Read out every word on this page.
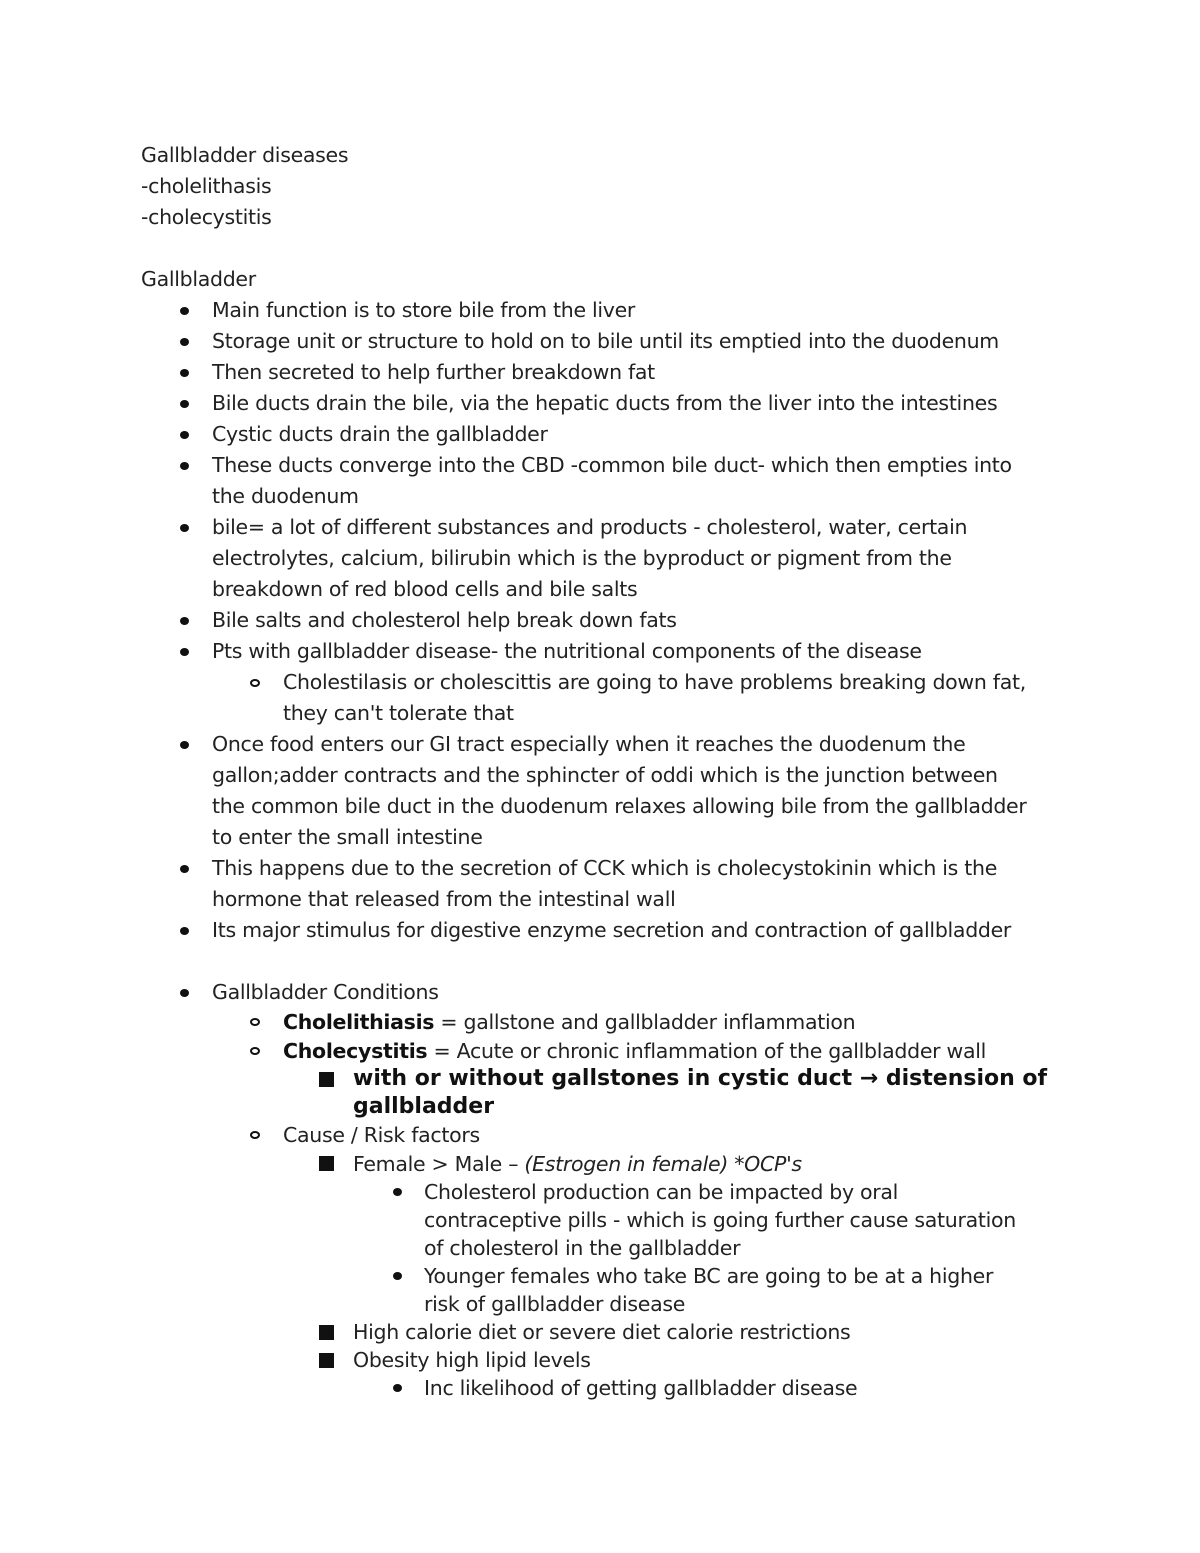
Gallbladder diseases
-cholelithasis
-cholecystitis
Gallbladder
Main function is to store bile from the liver
Storage unit or structure to hold on to bile until its emptied into the duodenum
Then secreted to help further breakdown fat
Bile ducts drain the bile, via the hepatic ducts from the liver into the intestines
Cystic ducts drain the gallbladder
These ducts converge into the CBD -common bile duct- which then empties into
the duodenum
bile= a lot of different substances and products - cholesterol, water, certain
electrolytes, calcium, bilirubin which is the byproduct or pigment from the
breakdown of red blood cells and bile salts
Bile salts and cholesterol help break down fats
Pts with gallbladder disease- the nutritional components of the disease
Cholestilasis or cholescittis are going to have problems breaking down fat,
they can't tolerate that
Once food enters our GI tract especially when it reaches the duodenum the
gallon;adder contracts and the sphincter of oddi which is the junction between
the common bile duct in the duodenum relaxes allowing bile from the gallbladder
to enter the small intestine
This happens due to the secretion of CCK which is cholecystokinin which is the
hormone that released from the intestinal wall
Its major stimulus for digestive enzyme secretion and contraction of gallbladder
Gallbladder Conditions
Cholelithiasis = gallstone and gallbladder inflammation
Cholecystitis = Acute or chronic inflammation of the gallbladder wall
with or without gallstones in cystic duct → distension of
gallbladder
Cause / Risk factors
Female > Male – (Estrogen in female) *OCP's
Cholesterol production can be impacted by oral
contraceptive pills - which is going further cause saturation
of cholesterol in the gallbladder
Younger females who take BC are going to be at a higher
risk of gallbladder disease
High calorie diet or severe diet calorie restrictions
Obesity high lipid levels
Inc likelihood of getting gallbladder disease
